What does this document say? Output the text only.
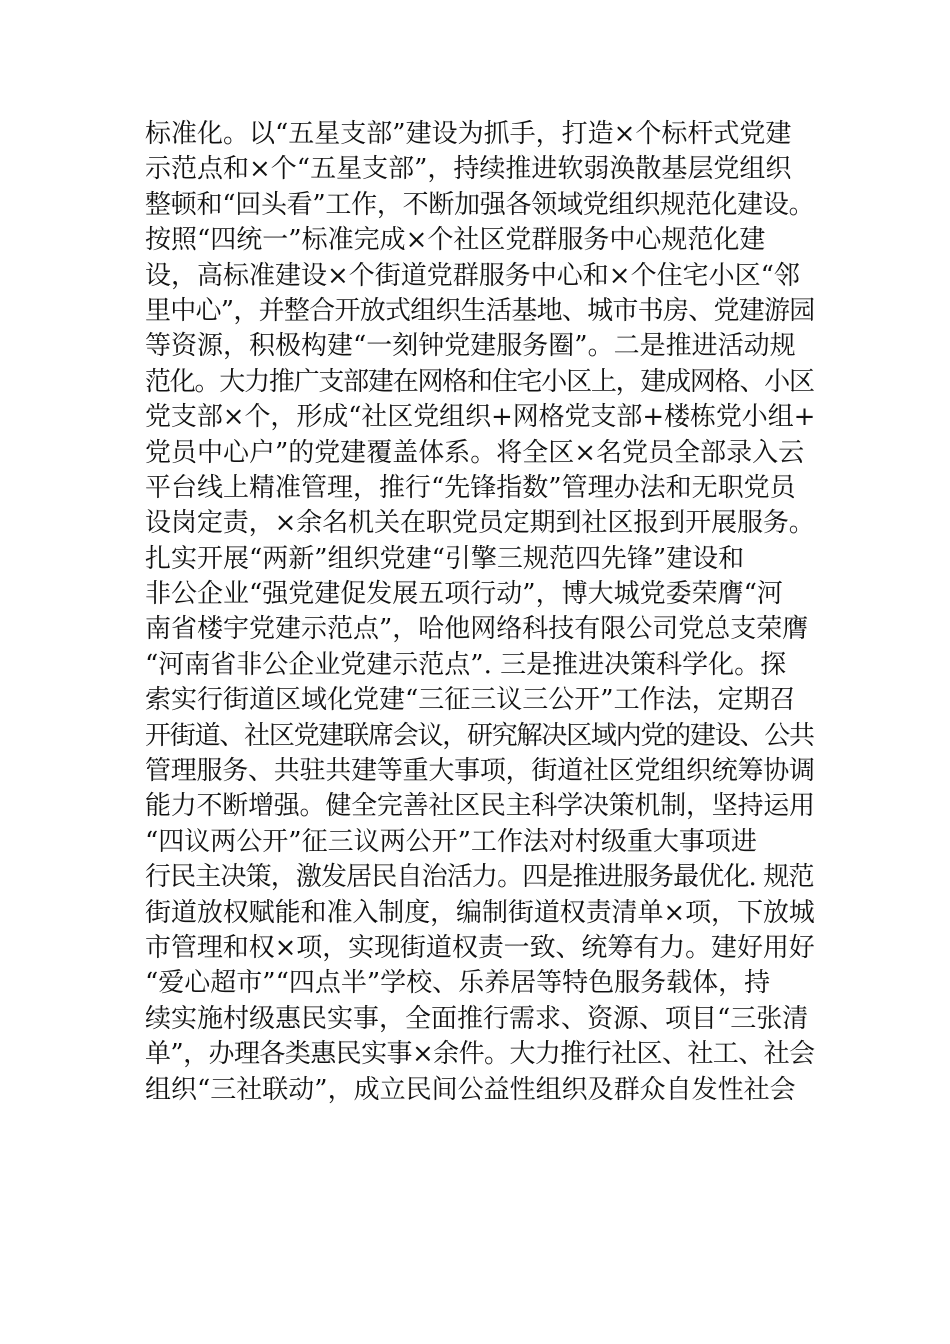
标准化。以“五星支部”建设为抓手，打造×个标杆式党建
示范点和×个“五星支部”，持续推进软弱涣散基层党组织
整顿和“回头看”工作，不断加强各领域党组织规范化建设。
按照“四统一”标准完成×个社区党群服务中心规范化建
设，高标准建设×个街道党群服务中心和×个住宅小区“邻
里中心”，并整合开放式组织生活基地、城市书房、党建游园
等资源，积极构建“一刻钟党建服务圈”。二是推进活动规
范化。大力推广支部建在网格和住宅小区上，建成网格、小区
党支部×个，形成“社区党组织+网格党支部+楼栋党小组+
党员中心户”的党建覆盖体系。将全区×名党员全部录入云
平台线上精准管理，推行“先锋指数”管理办法和无职党员
设岗定责，×余名机关在职党员定期到社区报到开展服务。
扎实开展“两新”组织党建“引擎三规范四先锋”建设和
非公企业“强党建促发展五项行动”，博大城党委荣膺“河
南省楼宇党建示范点”，哈他网络科技有限公司党总支荣膺
“河南省非公企业党建示范点”. 三是推进决策科学化。探
索实行街道区域化党建“三征三议三公开”工作法，定期召
开街道、社区党建联席会议，研究解决区域内党的建设、公共
管理服务、共驻共建等重大事项，街道社区党组织统筹协调
能力不断增强。健全完善社区民主科学决策机制，坚持运用
“四议两公开”征三议两公开”工作法对村级重大事项进
行民主决策，激发居民自治活力。四是推进服务最优化. 规范
街道放权赋能和准入制度，编制街道权责清单×项，下放城
市管理和权×项，实现街道权责一致、统筹有力。建好用好
“爱心超市”“四点半”学校、乐养居等特色服务载体，持
续实施村级惠民实事，全面推行需求、资源、项目“三张清
单”，办理各类惠民实事×余件。大力推行社区、社工、社会
组织“三社联动”，成立民间公益性组织及群众自发性社会
